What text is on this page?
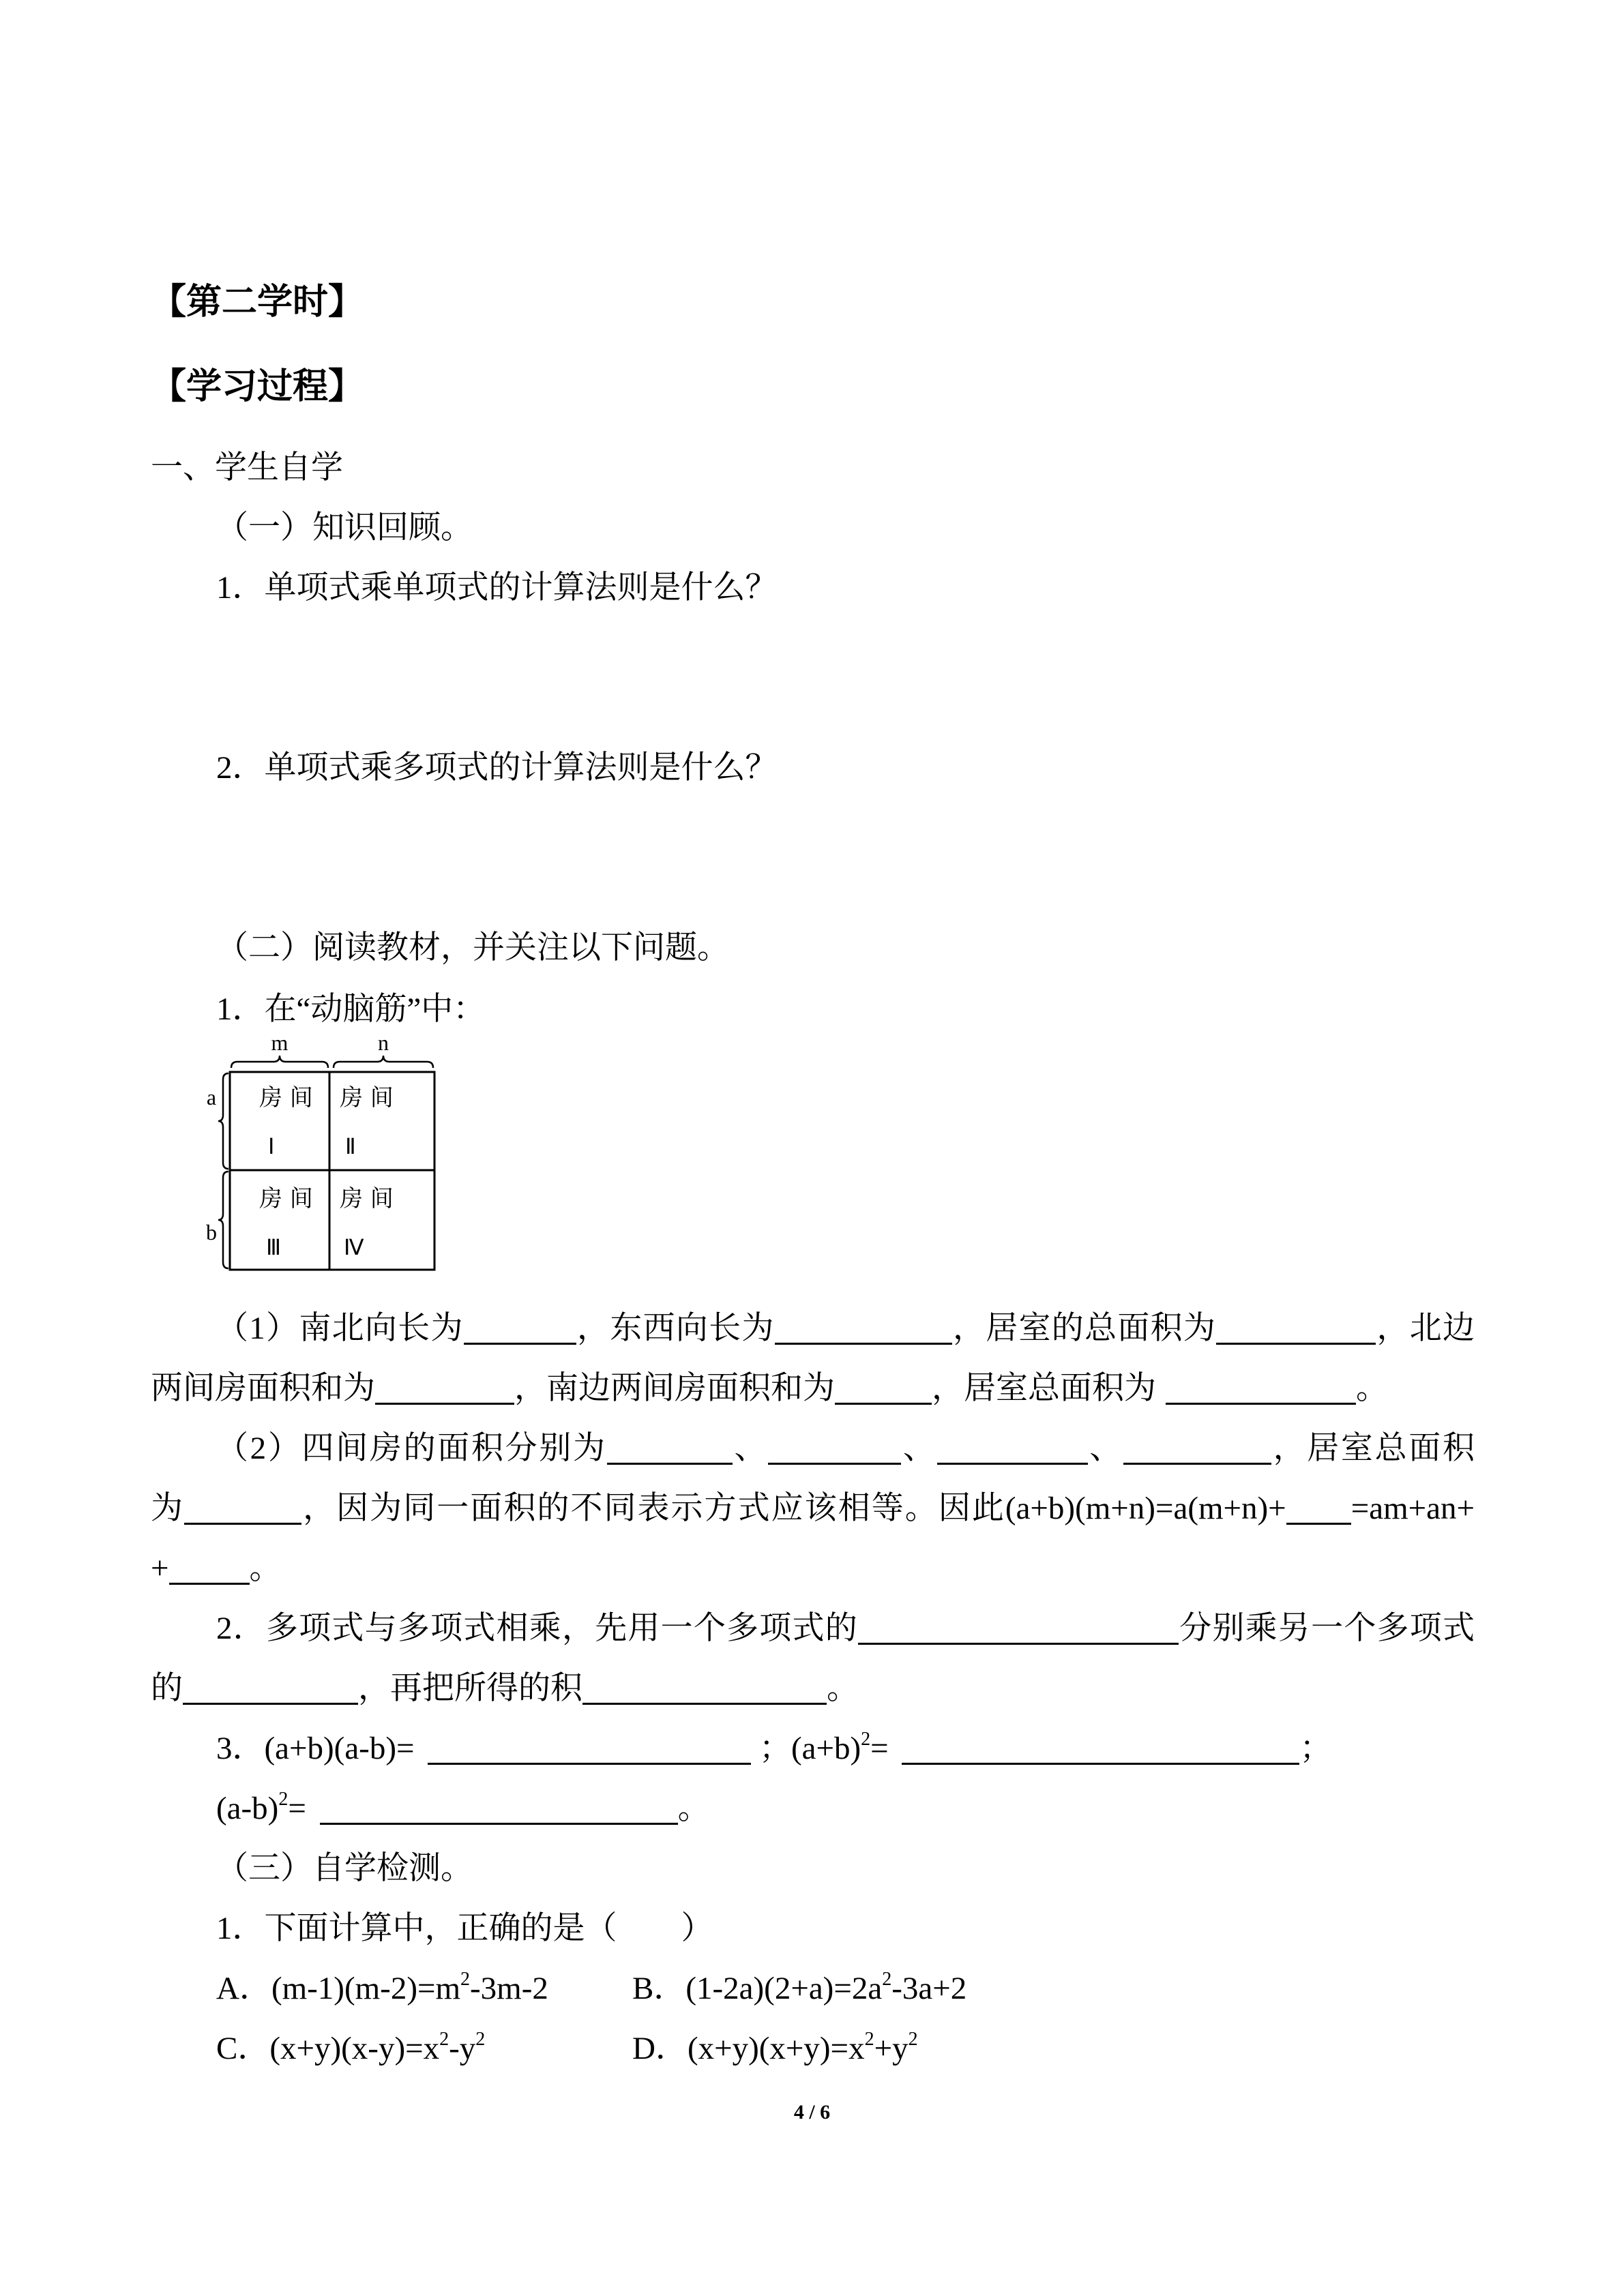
【第二学时】
【学习过程】
一、学生自学
（一）知识回顾。
1．单项式乘单项式的计算法则是什么？
2．单项式乘多项式的计算法则是什么？
（二）阅读教材，并关注以下问题。
1．在“动脑筋”中：
m	n
a
b
房 间
Ⅰ
房 间
Ⅱ
房 间
Ⅲ
房 间
Ⅳ
（1）南北向长为	，东西向长为	，居室的总面积为	，北边
两间房面积和为	，南边两间房面积和为	，居室总面积为	。
（2）四间房的面积分别为	、	、	、	，居室总面积
为	，因为同一面积的不同表示方式应该相等。因此(a+b)(m+n)=a(m+n)+ =am+an+
+	。
2．多项式与多项式相乘，先用一个多项式的	分别乘另一个多项式
的	，再把所得的积	。
3．(a+b)(a-b)=	；$(a+b)^2=$	；
$(a-b)^2=$	。
（三）自学检测。
1．下面计算中，正确的是（　　）
A．$(m-1)(m-2)=m^2-3m-2$	B．$(1-2a)(2+a)=2a^2-3a+2$
C．$(x+y)(x-y)=x^2-y^2$	D．$(x+y)(x+y)=x^2+y^2$
4 / 6
